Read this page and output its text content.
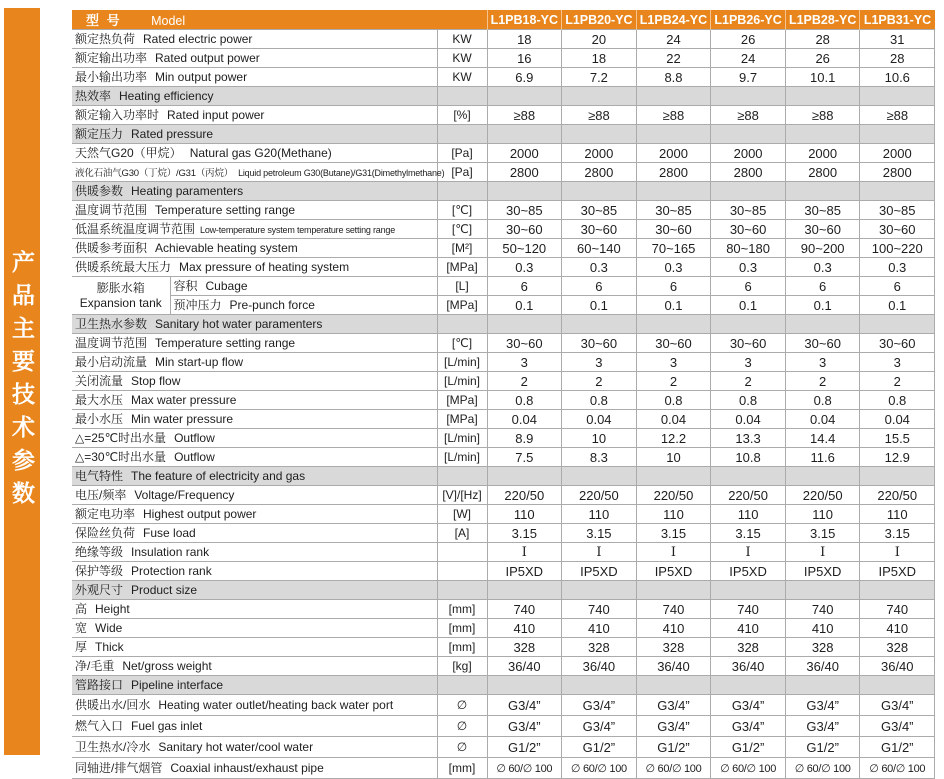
产品主要技术参数
型 号 Model			L1PB18-YC	L1PB20-YC	L1PB24-YC	L1PB26-YC	L1PB28-YC	L1PB31-YC
额定热负荷 Rated electric power		KW	18	20	24	26	28	31
额定输出功率 Rated output power		KW	16	18	22	24	26	28
最小输出功率 Min output power		KW	6.9	7.2	8.8	9.7	10.1	10.6
热效率 Heating efficiency								
额定输入功率时 Rated input power		[%]	≥88	≥88	≥88	≥88	≥88	≥88
额定压力 Rated pressure								
天然气G20（甲烷） Natural gas G20(Methane)		[Pa]	2000	2000	2000	2000	2000	2000
液化石油气G30（丁烷）/G31（丙烷） Liquid petroleum G30(Butane)/G31(Dimethylmethane)		[Pa]	2800	2800	2800	2800	2800	2800
供暖参数 Heating paramenters								
温度调节范围 Temperature setting range		[℃]	30~85	30~85	30~85	30~85	30~85	30~85
低温系统温度调节范围 Low-temperature system temperature setting range		[℃]	30~60	30~60	30~60	30~60	30~60	30~60
供暖参考面积 Achievable heating system		[M²]	50~120	60~140	70~165	80~180	90~200	100~220
供暖系统最大压力 Max pressure of heating system		[MPa]	0.3	0.3	0.3	0.3	0.3	0.3

膨胀水箱
Expansion tank	容积 Cubage	[L]	6	6	6	6	6	6
	预冲压力 Pre-punch force	[MPa]	0.1	0.1	0.1	0.1	0.1	0.1
卫生热水参数 Sanitary hot water paramenters								
温度调节范围 Temperature setting range		[℃]	30~60	30~60	30~60	30~60	30~60	30~60
最小启动流量 Min start-up flow		[L/min]	3	3	3	3	3	3
关闭流量 Stop flow		[L/min]	2	2	2	2	2	2
最大水压 Max water pressure		[MPa]	0.8	0.8	0.8	0.8	0.8	0.8
最小水压 Min water pressure		[MPa]	0.04	0.04	0.04	0.04	0.04	0.04
△=25℃时出水量 Outflow		[L/min]	8.9	10	12.2	13.3	14.4	15.5
△=30℃时出水量 Outflow		[L/min]	7.5	8.3	10	10.8	11.6	12.9
电气特性 The feature of electricity and gas								
电压/频率 Voltage/Frequency		[V]/[Hz]	220/50	220/50	220/50	220/50	220/50	220/50
额定电功率 Highest output power		[W]	110	110	110	110	110	110
保险丝负荷 Fuse load		[A]	3.15	3.15	3.15	3.15	3.15	3.15
绝缘等级 Insulation rank			I	I	I	I	I	I
保护等级 Protection rank			IP5XD	IP5XD	IP5XD	IP5XD	IP5XD	IP5XD
外观尺寸 Product size								
高 Height		[mm]	740	740	740	740	740	740
宽 Wide		[mm]	410	410	410	410	410	410
厚 Thick		[mm]	328	328	328	328	328	328
净/毛重 Net/gross weight		[kg]	36/40	36/40	36/40	36/40	36/40	36/40
管路接口 Pipeline interface								
供暖出水/回水 Heating water outlet/heating back water port		∅	G3/4”	G3/4”	G3/4”	G3/4”	G3/4”	G3/4”
燃气入口 Fuel gas inlet		∅	G3/4”	G3/4”	G3/4”	G3/4”	G3/4”	G3/4”
卫生热水/冷水 Sanitary hot water/cool water		∅	G1/2”	G1/2”	G1/2”	G1/2”	G1/2”	G1/2”
同轴进/排气烟管 Coaxial inhaust/exhaust pipe		[mm]	∅ 60/∅ 100	∅ 60/∅ 100	∅ 60/∅ 100	∅ 60/∅ 100	∅ 60/∅ 100	∅ 60/∅ 100
